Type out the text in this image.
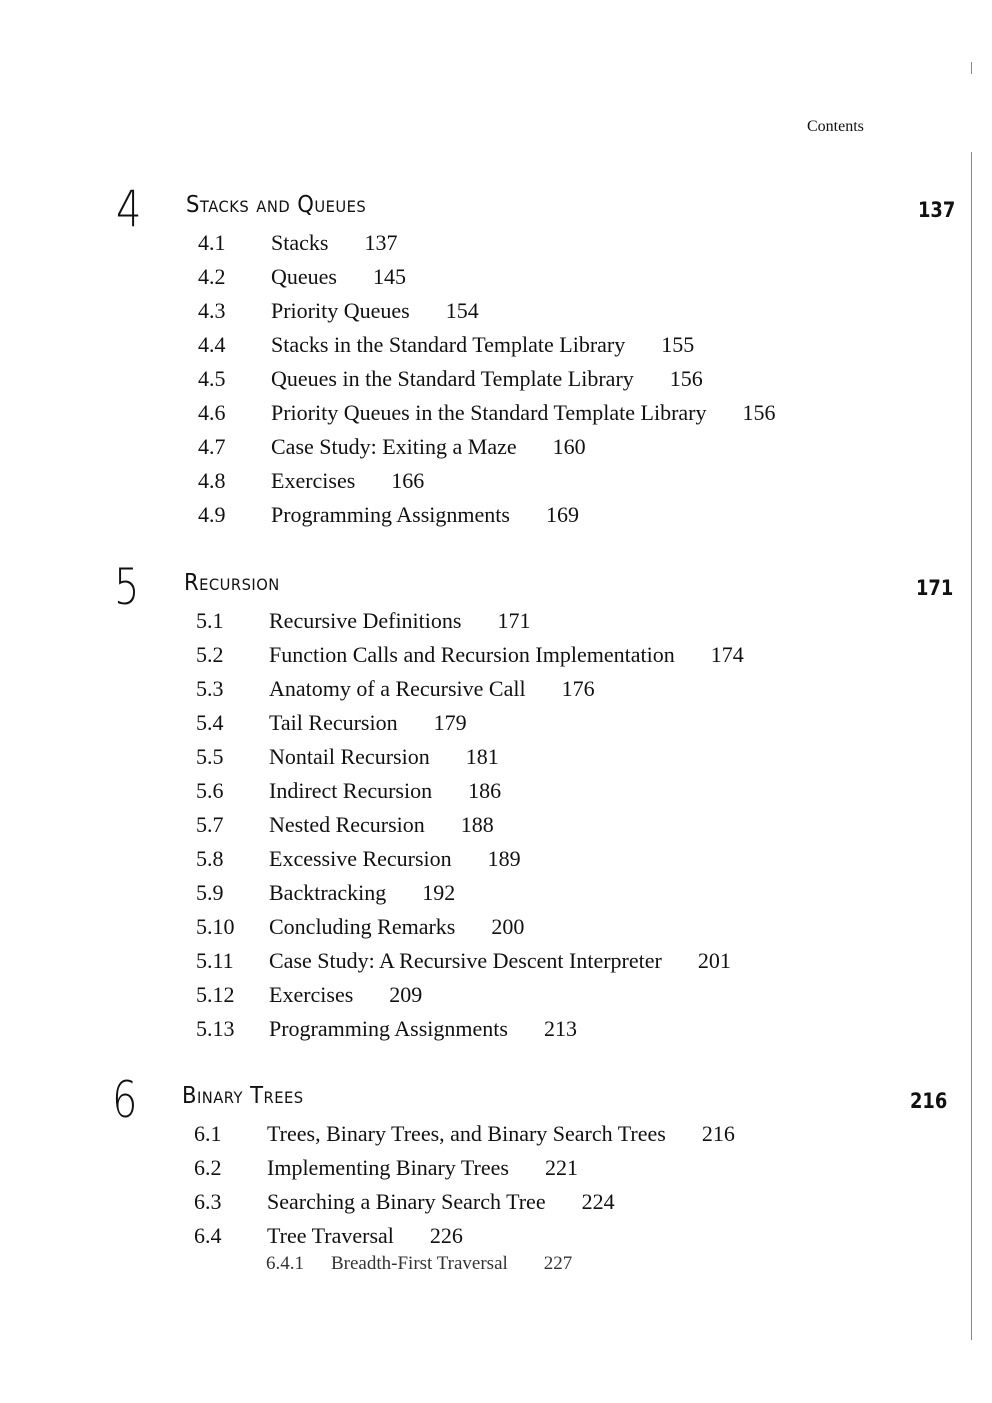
Contents
4 Stacks and Queues	137
4.1 Stacks 137
4.2 Queues 145
4.3 Priority Queues 154
4.4 Stacks in the Standard Template Library 155
4.5 Queues in the Standard Template Library 156
4.6 Priority Queues in the Standard Template Library 156
4.7 Case Study: Exiting a Maze 160
4.8 Exercises 166
4.9 Programming Assignments 169
5 Recursion	171
5.1 Recursive Definitions 171
5.2 Function Calls and Recursion Implementation 174
5.3 Anatomy of a Recursive Call 176
5.4 Tail Recursion 179
5.5 Nontail Recursion 181
5.6 Indirect Recursion 186
5.7 Nested Recursion 188
5.8 Excessive Recursion 189
5.9 Backtracking 192
5.10 Concluding Remarks 200
5.11 Case Study: A Recursive Descent Interpreter 201
5.12 Exercises 209
5.13 Programming Assignments 213
6 Binary Trees	216
6.1 Trees, Binary Trees, and Binary Search Trees 216
6.2 Implementing Binary Trees 221
6.3 Searching a Binary Search Tree 224
6.4 Tree Traversal 226
6.4.1 Breadth-First Traversal 227
